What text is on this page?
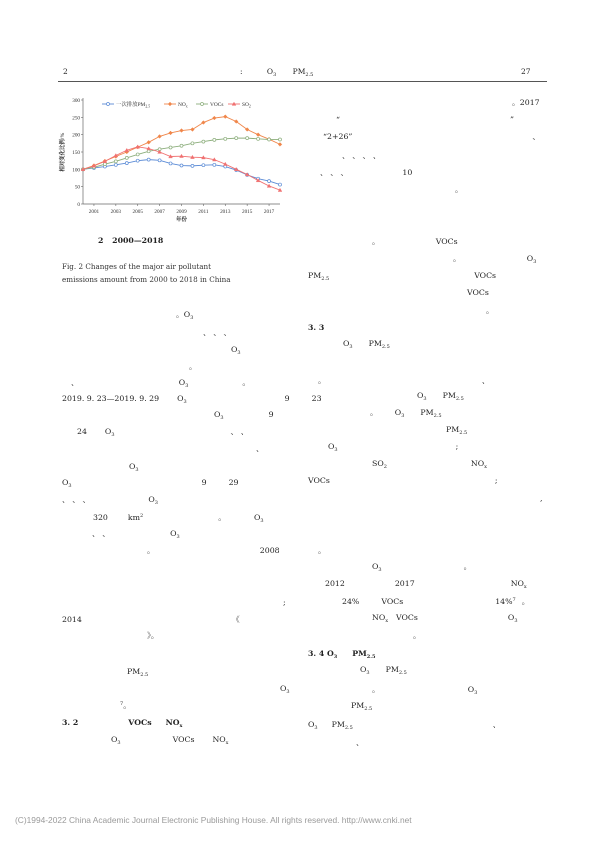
2	:	$O_3$ $PM_{2.5}$	27
0
50
100
150
200
250
300
2001 2003 2005 2007 2009 2011 2013 2015 2017
年份
相对变化比例/%
一次排放$PM_{2.5}$	$NO_x$	VOCs	$SO_2$
2 2000—2018
Fig. 2 Changes of the major air pollutant
emissions amount from 2000 to 2018 in China
。$O_3$
、 、 、
$O_3$
。
、	$O_3$	。
2019. 9. 23—2019. 9. 29 $O_3$	9	23
$O_3$	9
24 $O_3$	、 、
、
$O_3$
$O_3$	9	29
、 、 、	$O_3$
320	$km^2$	。	$O_3$
、 、	$O_3$
。	2008
;
2014	《
》。
$PM_{2.5}$
$O_3$
$^7$。
3. 2	VOCs $NO_x$
$O_3$	VOCs $NO_x$
。2017
“	”
“2+26”	、
、 、 、 、
、 、 、	10
。
。	VOCs
。	$O_3$
$PM_{2.5}$	VOCs
VOCs
。
3. 3
$O_3$ $PM_{2.5}$
。	、
$O_3$ $PM_{2.5}$
。 $O_3$ $PM_{2.5}$
$PM_{2.5}$
$O_3$	;
$SO_2$	$NO_x$
VOCs	;
,
。
$O_3$	。
2012	2017	$NO_x$
24%	VOCs	14%$^7$ 。
$NO_x$ VOCs	$O_3$
。
3. 4 $O_3$ $PM_{2.5}$
$O_3$ $PM_{2.5}$
。	$O_3$
$PM_{2.5}$
$O_3$ $PM_{2.5}$	、
、
(C)1994-2022 China Academic Journal Electronic Publishing House. All rights reserved. http://www.cnki.net
